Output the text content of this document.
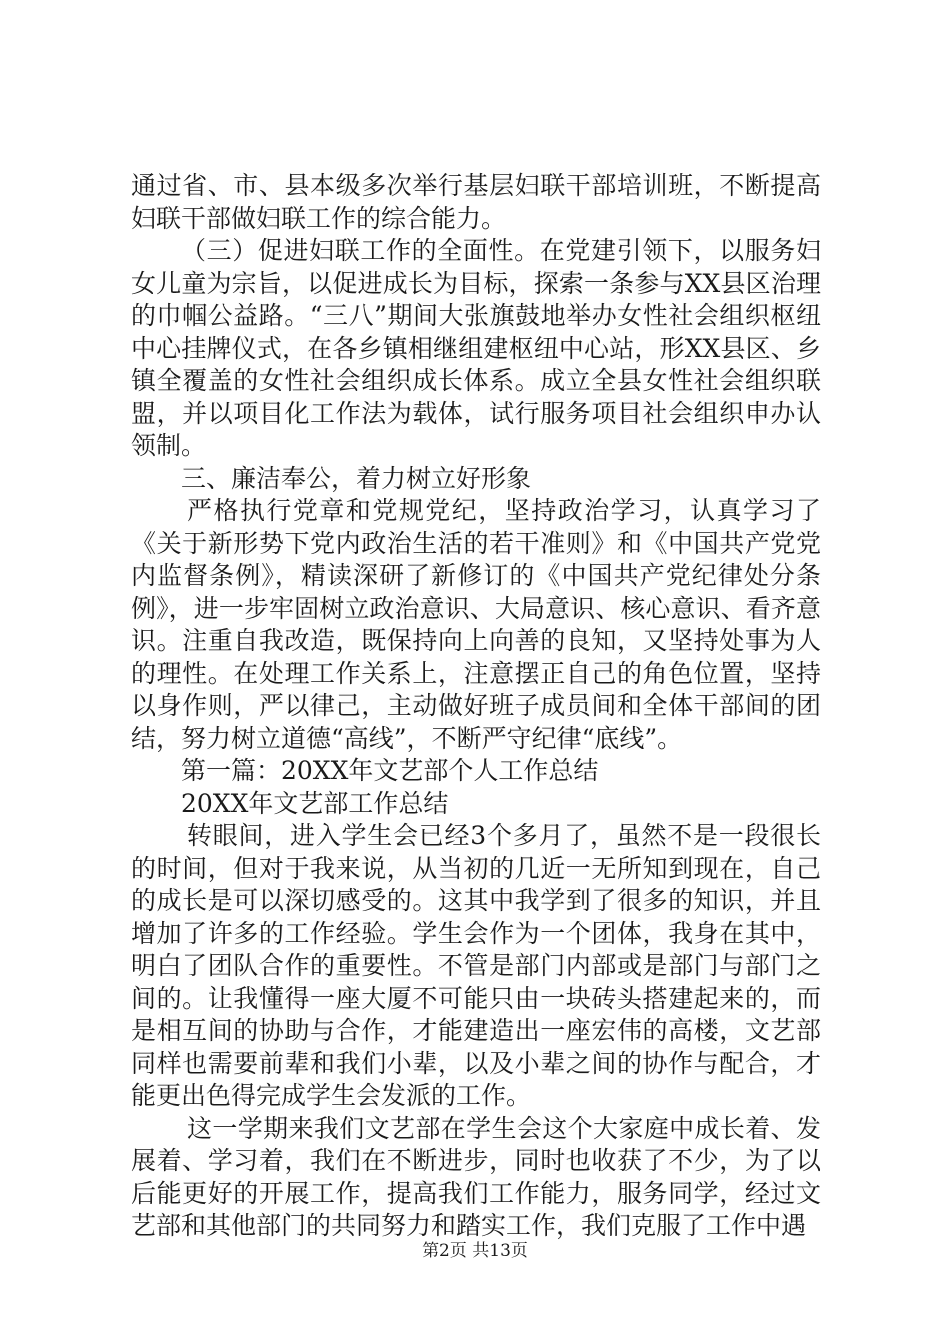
通过省、市、县本级多次举行基层妇联干部培训班，不断提高妇联干部做妇联工作的综合能力。

（三）促进妇联工作的全面性。在党建引领下，以服务妇女儿童为宗旨，以促进成长为目标，探索一条参与XX县区治理的巾帼公益路。“三八”期间大张旗鼓地举办女性社会组织枢纽中心挂牌仪式，在各乡镇相继组建枢纽中心站，形XX县区、乡镇全覆盖的女性社会组织成长体系。成立全县女性社会组织联盟，并以项目化工作法为载体，试行服务项目社会组织申办认领制。

三、廉洁奉公，着力树立好形象

严格执行党章和党规党纪，坚持政治学习，认真学习了《关于新形势下党内政治生活的若干准则》和《中国共产党党内监督条例》，精读深研了新修订的《中国共产党纪律处分条例》，进一步牢固树立政治意识、大局意识、核心意识、看齐意识。注重自我改造，既保持向上向善的良知，又坚持处事为人的理性。在处理工作关系上，注意摆正自己的角色位置，坚持以身作则，严以律己，主动做好班子成员间和全体干部间的团结，努力树立道德“高线”，不断严守纪律“底线”。

第一篇：20XX年文艺部个人工作总结

20XX年文艺部工作总结

转眼间，进入学生会已经3个多月了，虽然不是一段很长的时间，但对于我来说，从当初的几近一无所知到现在，自己的成长是可以深切感受的。这其中我学到了很多的知识，并且增加了许多的工作经验。学生会作为一个团体，我身在其中，明白了团队合作的重要性。不管是部门内部或是部门与部门之间的。让我懂得一座大厦不可能只由一块砖头搭建起来的，而是相互间的协助与合作，才能建造出一座宏伟的高楼，文艺部同样也需要前辈和我们小辈，以及小辈之间的协作与配合，才能更出色得完成学生会发派的工作。

这一学期来我们文艺部在学生会这个大家庭中成长着、发展着、学习着，我们在不断进步，同时也收获了不少，为了以后能更好的开展工作，提高我们工作能力，服务同学，经过文艺部和其他部门的共同努力和踏实工作，我们克服了工作中遇

第2页 共13页
